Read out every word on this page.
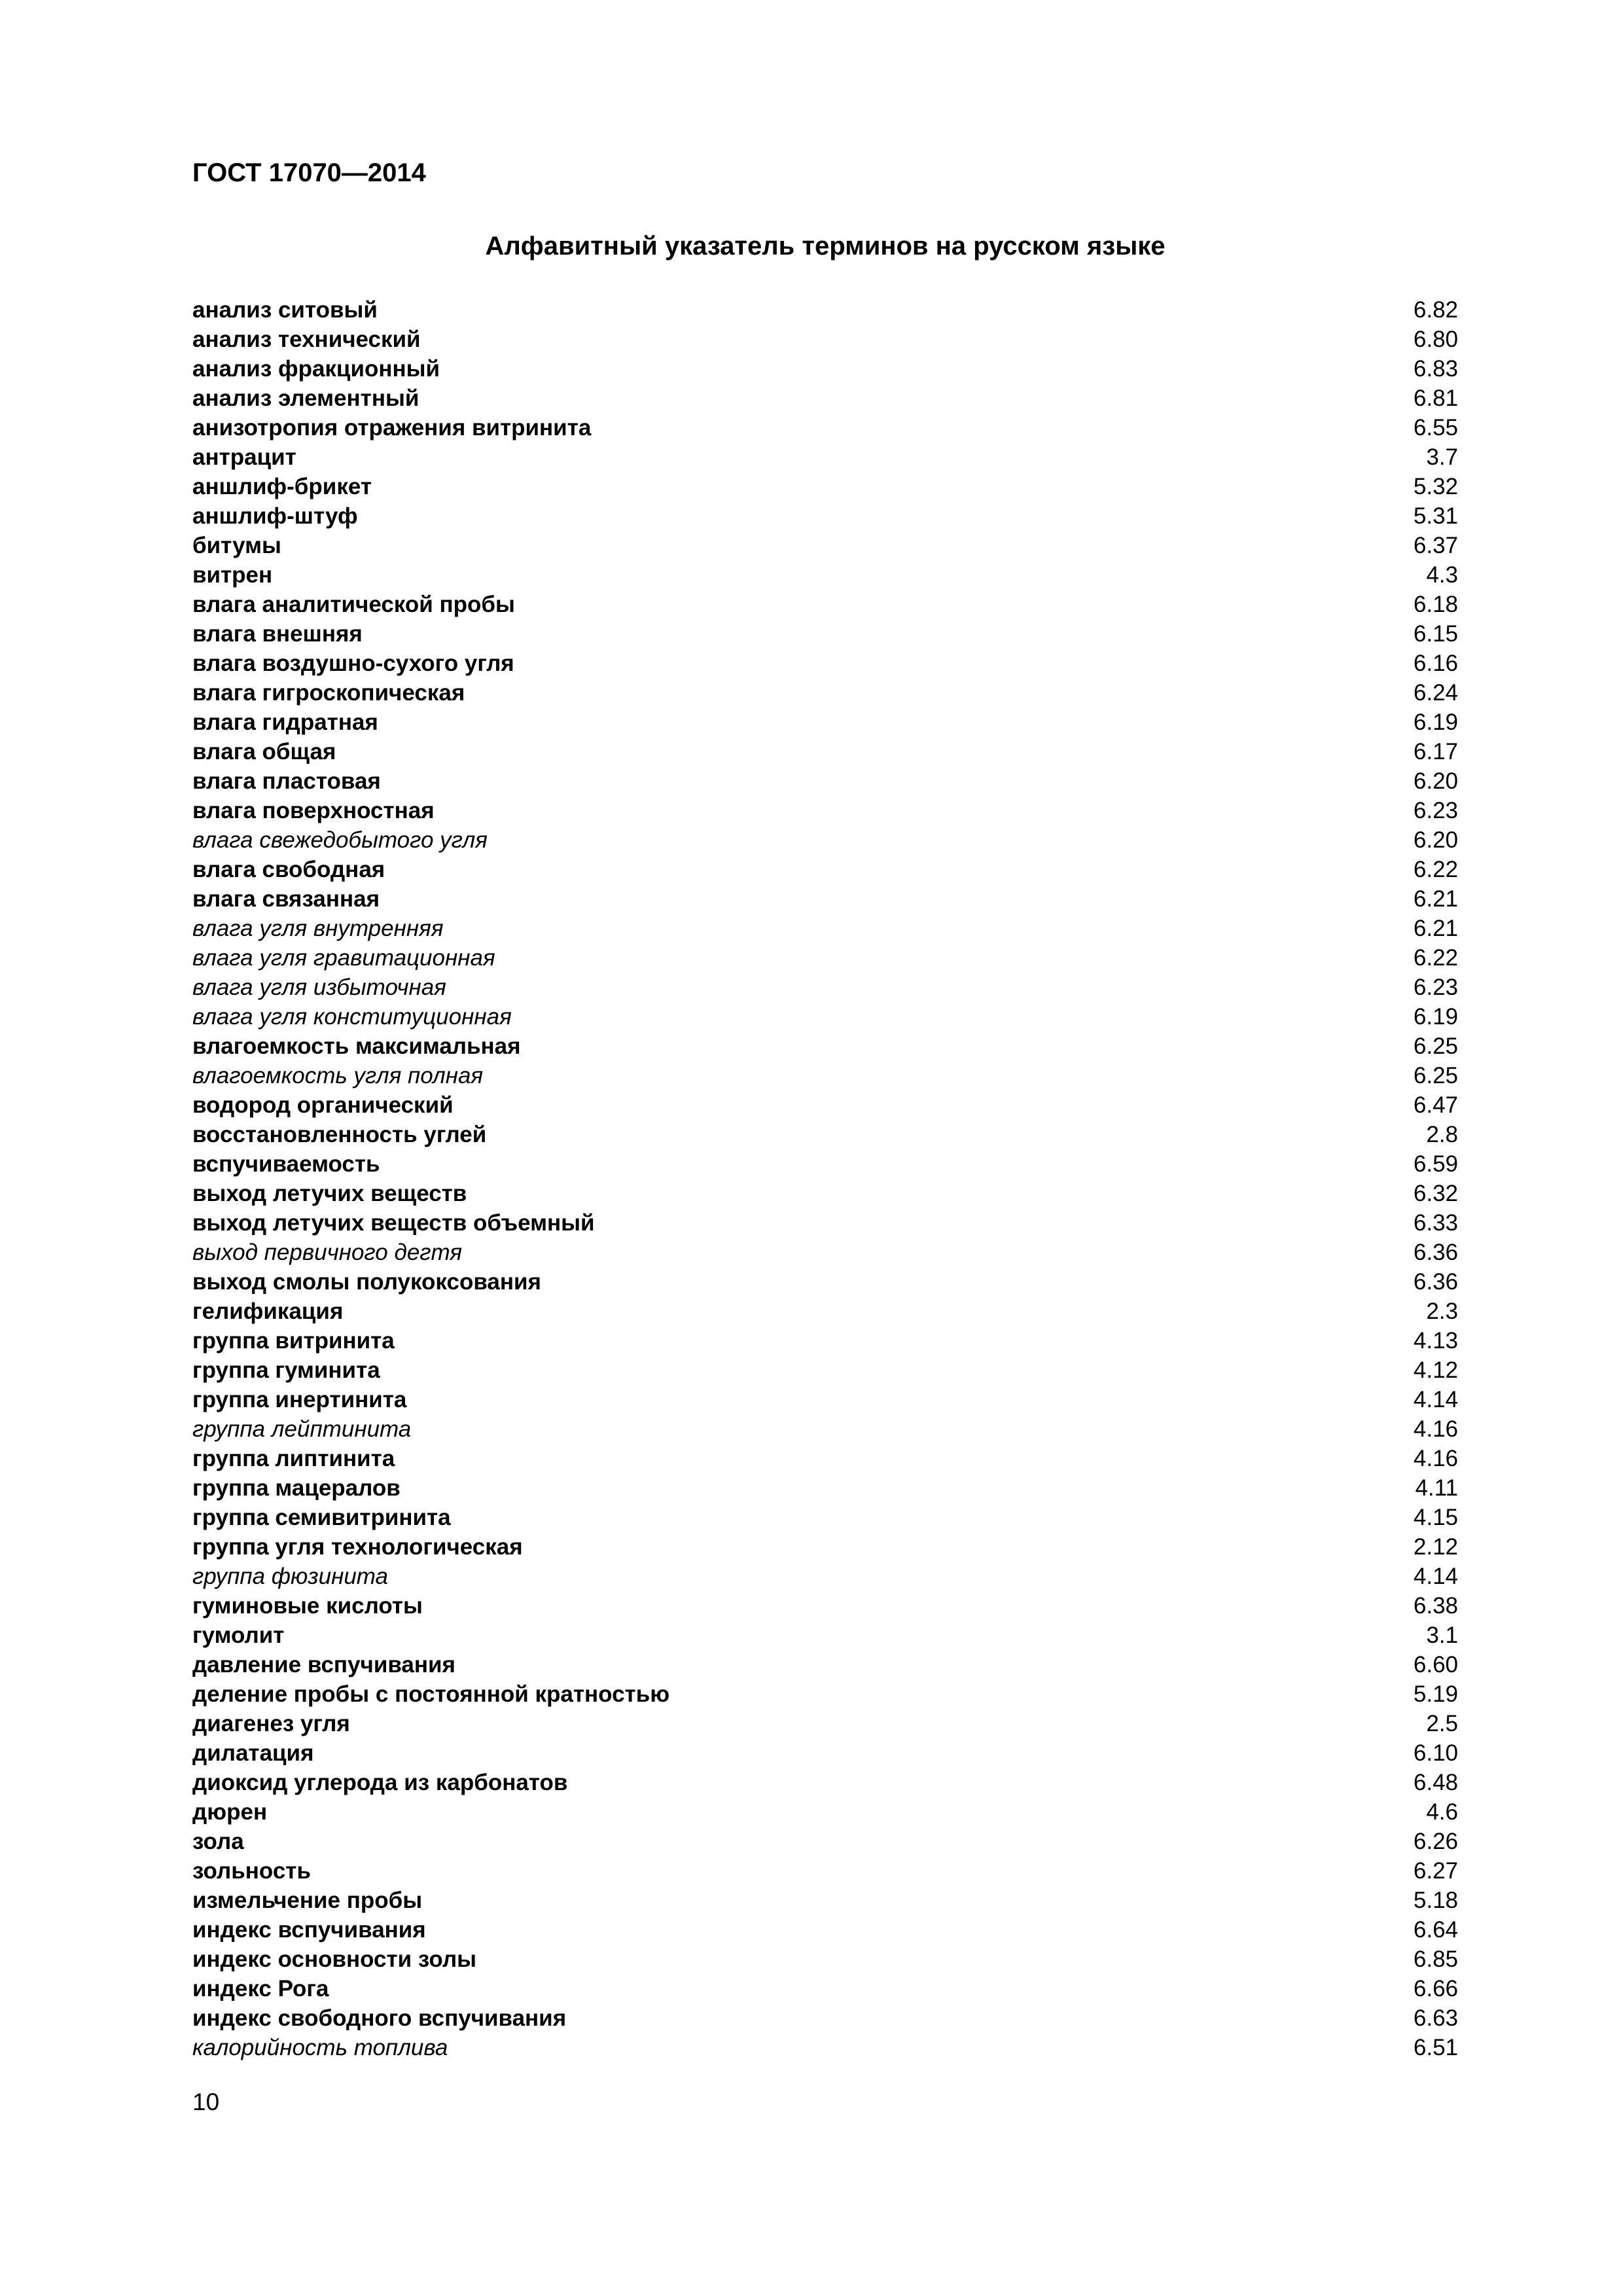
ГОСТ 17070—2014
Алфавитный указатель терминов на русском языке
анализ ситовый	6.82
анализ технический	6.80
анализ фракционный	6.83
анализ элементный	6.81
анизотропия отражения витринита	6.55
антрацит	3.7
аншлиф-брикет	5.32
аншлиф-штуф	5.31
битумы	6.37
витрен	4.3
влага аналитической пробы	6.18
влага внешняя	6.15
влага воздушно-сухого угля	6.16
влага гигроскопическая	6.24
влага гидратная	6.19
влага общая	6.17
влага пластовая	6.20
влага поверхностная	6.23
влага свежедобытого угля	6.20
влага свободная	6.22
влага связанная	6.21
влага угля внутренняя	6.21
влага угля гравитационная	6.22
влага угля избыточная	6.23
влага угля конституционная	6.19
влагоемкость максимальная	6.25
влагоемкость угля полная	6.25
водород органический	6.47
восстановленность углей	2.8
вспучиваемость	6.59
выход летучих веществ	6.32
выход летучих веществ объемный	6.33
выход первичного дегтя	6.36
выход смолы полукоксования	6.36
гелификация	2.3
группа витринита	4.13
группа гуминита	4.12
группа инертинита	4.14
группа лейптинита	4.16
группа липтинита	4.16
группа мацералов	4.11
группа семивитринита	4.15
группа угля технологическая	2.12
группа фюзинита	4.14
гуминовые кислоты	6.38
гумолит	3.1
давление вспучивания	6.60
деление пробы с постоянной кратностью	5.19
диагенез угля	2.5
дилатация	6.10
диоксид углерода из карбонатов	6.48
дюрен	4.6
зола	6.26
зольность	6.27
измельчение пробы	5.18
индекс вспучивания	6.64
индекс основности золы	6.85
индекс Рога	6.66
индекс свободного вспучивания	6.63
калорийность топлива	6.51
10
